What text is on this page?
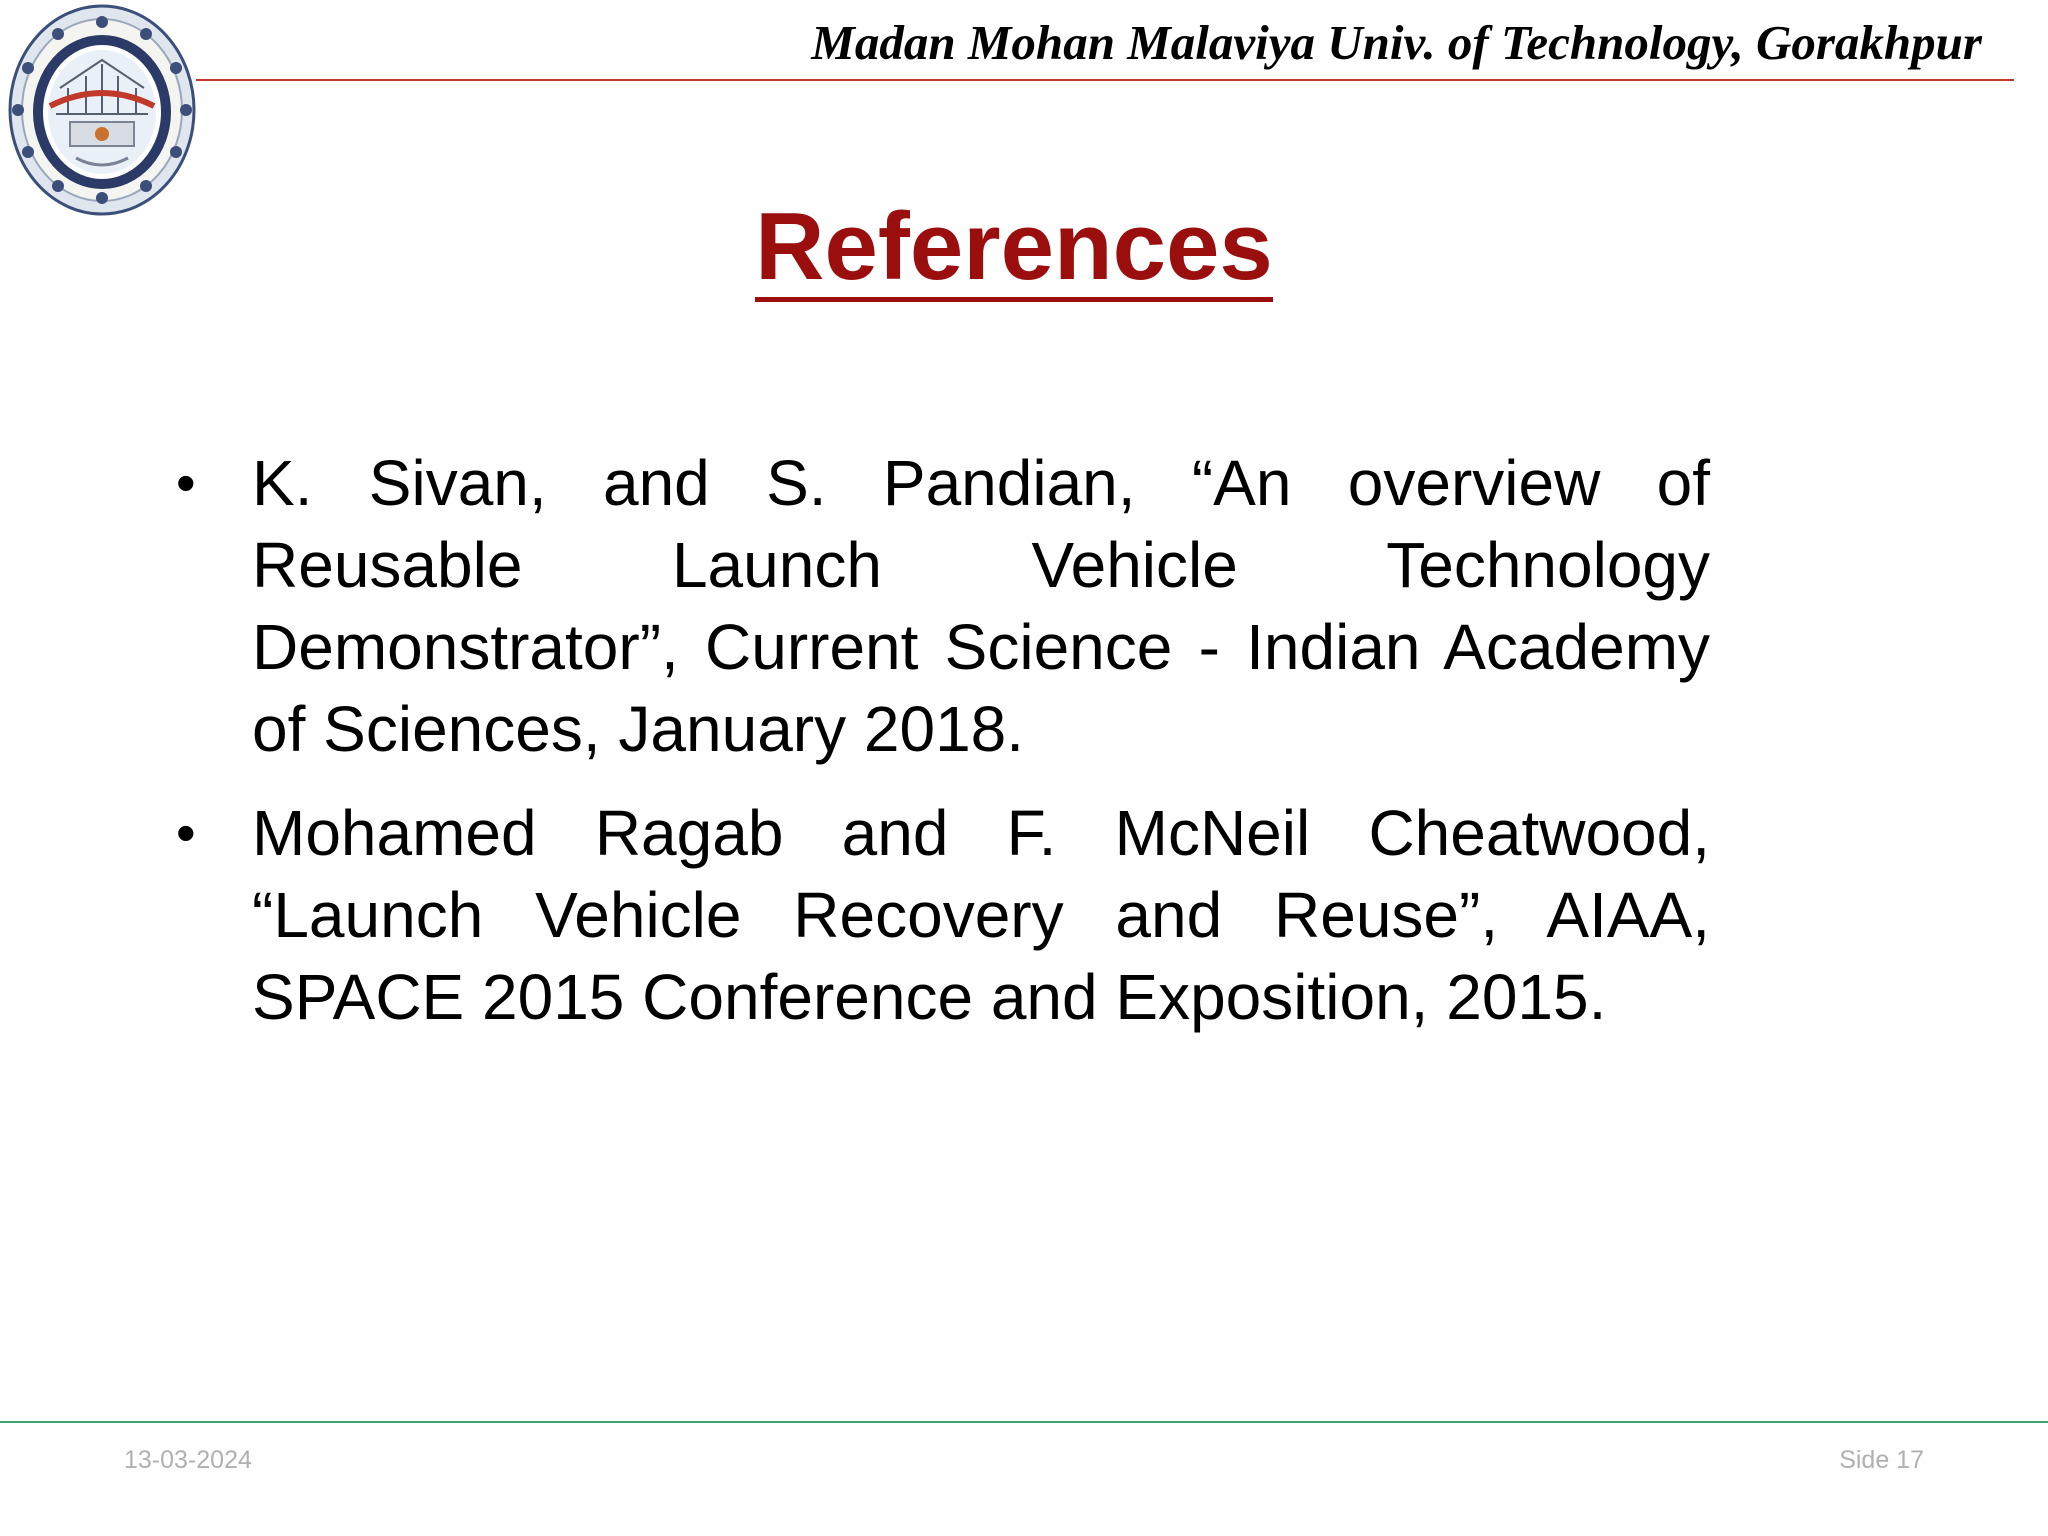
Madan Mohan Malaviya Univ. of Technology, Gorakhpur
References
• K. Sivan, and S. Pandian, “An overview of Reusable Launch Vehicle Technology Demonstrator”, Current Science - Indian Academy of Sciences, January 2018.
• Mohamed Ragab and F. McNeil Cheatwood, “Launch Vehicle Recovery and Reuse”, AIAA, SPACE 2015 Conference and Exposition, 2015.
13-03-2024	Side 17
